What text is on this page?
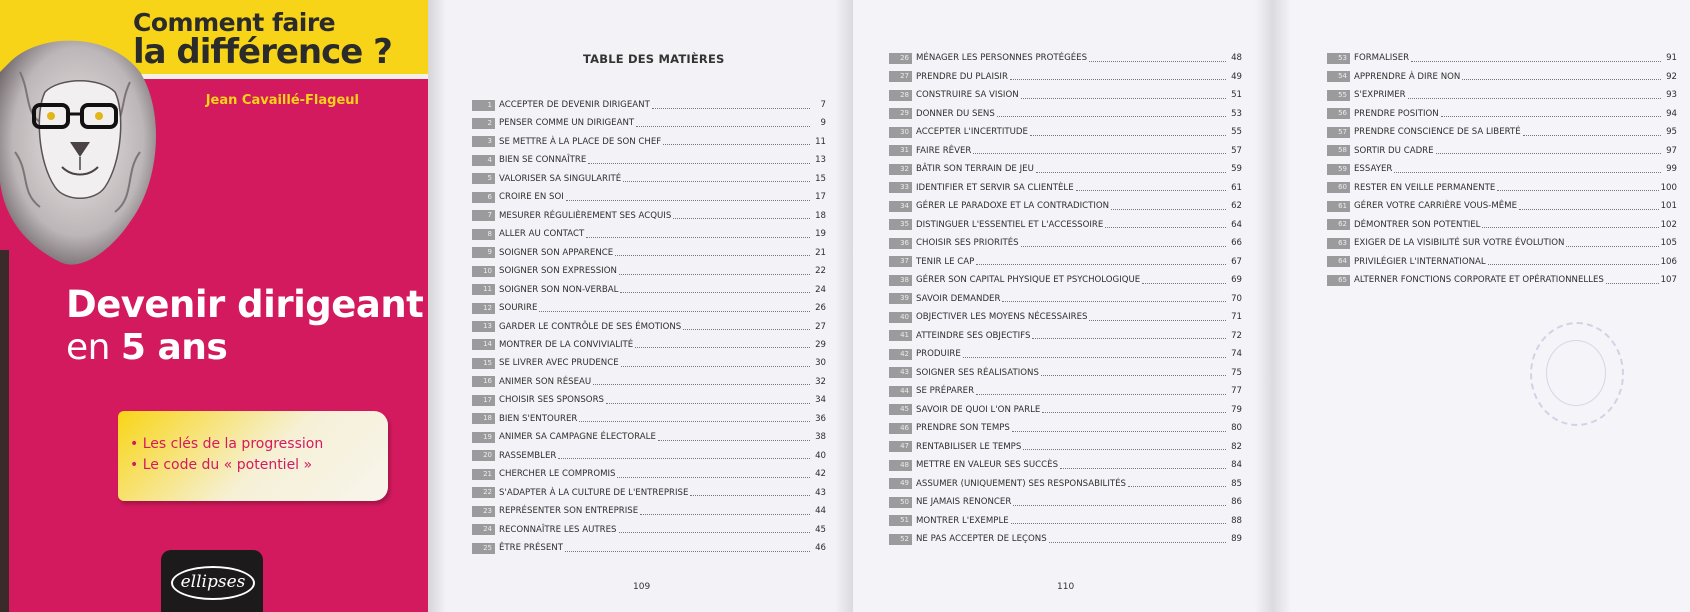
Comment faire
la différence ?
Jean Cavaillé-Flageul
Devenir dirigeant
en 5 ans
• Les clés de la progression
• Le code du « potentiel »
ellipses
TABLE DES MATIÈRES
1 ACCEPTER DE DEVENIR DIRIGEANT	7
2 PENSER COMME UN DIRIGEANT	9
3 SE METTRE À LA PLACE DE SON CHEF	11
4 BIEN SE CONNAÎTRE	13
5 VALORISER SA SINGULARITÉ	15
6 CROIRE EN SOI	17
7 MESURER RÉGULIÈREMENT SES ACQUIS	18
8 ALLER AU CONTACT	19
9 SOIGNER SON APPARENCE	21
10 SOIGNER SON EXPRESSION	22
11 SOIGNER SON NON-VERBAL	24
12 SOURIRE	26
13 GARDER LE CONTRÔLE DE SES ÉMOTIONS	27
14 MONTRER DE LA CONVIVIALITÉ	29
15 SE LIVRER AVEC PRUDENCE	30
16 ANIMER SON RÉSEAU	32
17 CHOISIR SES SPONSORS	34
18 BIEN S'ENTOURER	36
19 ANIMER SA CAMPAGNE ÉLECTORALE	38
20 RASSEMBLER	40
21 CHERCHER LE COMPROMIS	42
22 S'ADAPTER À LA CULTURE DE L'ENTREPRISE	43
23 REPRÉSENTER SON ENTREPRISE	44
24 RECONNAÎTRE LES AUTRES	45
25 ÊTRE PRÉSENT	46
109
26 MÉNAGER LES PERSONNES PROTÉGÉES	48
27 PRENDRE DU PLAISIR	49
28 CONSTRUIRE SA VISION	51
29 DONNER DU SENS	53
30 ACCEPTER L'INCERTITUDE	55
31 FAIRE RÊVER	57
32 BÂTIR SON TERRAIN DE JEU	59
33 IDENTIFIER ET SERVIR SA CLIENTÈLE	61
34 GÉRER LE PARADOXE ET LA CONTRADICTION	62
35 DISTINGUER L'ESSENTIEL ET L'ACCESSOIRE	64
36 CHOISIR SES PRIORITÉS	66
37 TENIR LE CAP	67
38 GÉRER SON CAPITAL PHYSIQUE ET PSYCHOLOGIQUE	69
39 SAVOIR DEMANDER	70
40 OBJECTIVER LES MOYENS NÉCESSAIRES	71
41 ATTEINDRE SES OBJECTIFS	72
42 PRODUIRE	74
43 SOIGNER SES RÉALISATIONS	75
44 SE PRÉPARER	77
45 SAVOIR DE QUOI L'ON PARLE	79
46 PRENDRE SON TEMPS	80
47 RENTABILISER LE TEMPS	82
48 METTRE EN VALEUR SES SUCCÈS	84
49 ASSUMER (UNIQUEMENT) SES RESPONSABILITÉS	85
50 NE JAMAIS RENONCER	86
51 MONTRER L'EXEMPLE	88
52 NE PAS ACCEPTER DE LEÇONS	89
110
53 FORMALISER	91
54 APPRENDRE À DIRE NON	92
55 S'EXPRIMER	93
56 PRENDRE POSITION	94
57 PRENDRE CONSCIENCE DE SA LIBERTÉ	95
58 SORTIR DU CADRE	97
59 ESSAYER	99
60 RESTER EN VEILLE PERMANENTE	100
61 GÉRER VOTRE CARRIÈRE VOUS-MÊME	101
62 DÉMONTRER SON POTENTIEL	102
63 EXIGER DE LA VISIBILITÉ SUR VOTRE ÉVOLUTION	105
64 PRIVILÉGIER L'INTERNATIONAL	106
65 ALTERNER FONCTIONS CORPORATE ET OPÉRATIONNELLES	107
